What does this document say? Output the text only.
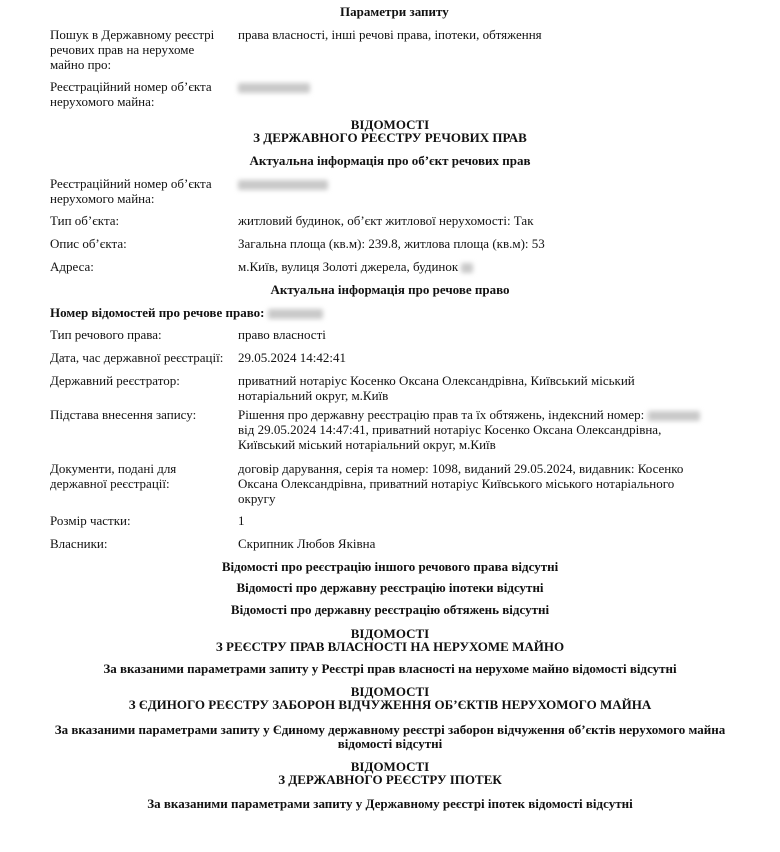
Параметри запиту
Пошук в Державному реєстрі речових прав на нерухоме майно про:
права власності, інші речові права, іпотеки, обтяження
Реєстраційний номер об’єкта нерухомого майна:
ВІДОМОСТІ
З ДЕРЖАВНОГО РЕЄСТРУ РЕЧОВИХ ПРАВ
Актуальна інформація про об’єкт речових прав
Реєстраційний номер об’єкта нерухомого майна:
Тип об’єкта:	житловий будинок, об’єкт житлової нерухомості: Так
Опис об’єкта:	Загальна площа (кв.м): 239.8, житлова площа (кв.м): 53
Адреса:	м.Київ, вулиця Золоті джерела, будинок
Актуальна інформація про речове право
Номер відомостей про речове право:
Тип речового права:	право власності
Дата, час державної реєстрації:	29.05.2024 14:42:41
Державний реєстратор:	приватний нотаріус Косенко Оксана Олександрівна, Київський міський нотаріальний округ, м.Київ
Підстава внесення запису:	Рішення про державну реєстрацію прав та їх обтяжень, індексний номер:  від 29.05.2024 14:47:41, приватний нотаріус Косенко Оксана Олександрівна, Київський міський нотаріальний округ, м.Київ
Документи, подані для державної реєстрації:
договір дарування, серія та номер: 1098, виданий 29.05.2024, видавник: Косенко Оксана Олександрівна, приватний нотаріус Київського міського нотаріального округу
Розмір частки:	1
Власники:	Скрипник Любов Яківна
Відомості про реєстрацію іншого речового права відсутні
Відомості про державну реєстрацію іпотеки відсутні
Відомості про державну реєстрацію обтяжень відсутні
ВІДОМОСТІ
З РЕЄСТРУ ПРАВ ВЛАСНОСТІ НА НЕРУХОМЕ МАЙНО
За вказаними параметрами запиту у Реєстрі прав власності на нерухоме майно відомості відсутні
ВІДОМОСТІ
З ЄДИНОГО РЕЄСТРУ ЗАБОРОН ВІДЧУЖЕННЯ ОБ’ЄКТІВ НЕРУХОМОГО МАЙНА
За вказаними параметрами запиту у Єдиному державному реєстрі заборон відчуження об’єктів нерухомого майна
відомості відсутні
ВІДОМОСТІ
З ДЕРЖАВНОГО РЕЄСТРУ ІПОТЕК
За вказаними параметрами запиту у Державному реєстрі іпотек відомості відсутні
